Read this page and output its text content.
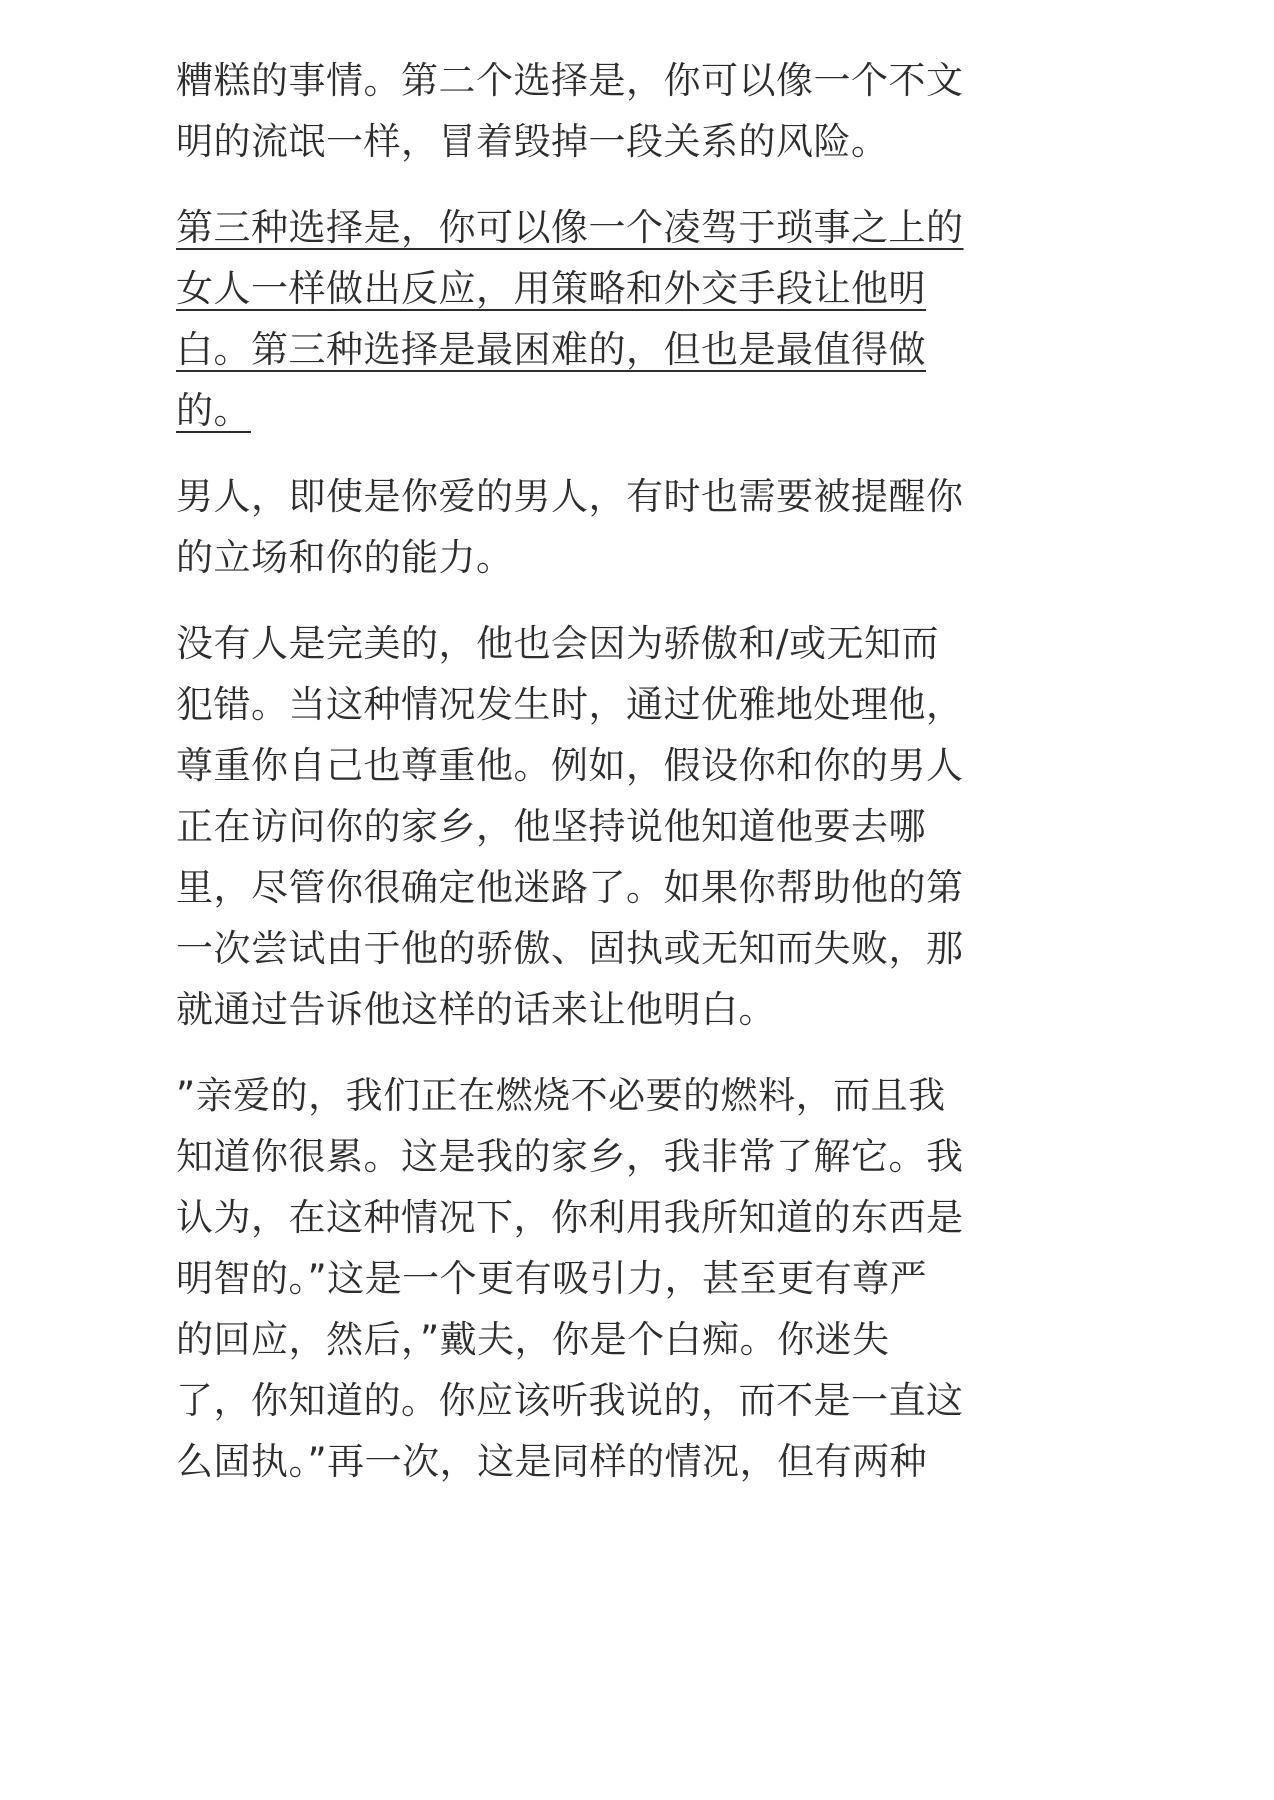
糟糕的事情。第二个选择是，你可以像一个不文
明的流氓一样，冒着毁掉一段关系的风险。
第三种选择是，你可以像一个凌驾于琐事之上的
女人一样做出反应，用策略和外交手段让他明
白。第三种选择是最困难的，但也是最值得做
的。
男人，即使是你爱的男人，有时也需要被提醒你
的立场和你的能力。
没有人是完美的，他也会因为骄傲和/或无知而
犯错。当这种情况发生时，通过优雅地处理他，
尊重你自己也尊重他。例如，假设你和你的男人
正在访问你的家乡，他坚持说他知道他要去哪
里，尽管你很确定他迷路了。如果你帮助他的第
一次尝试由于他的骄傲、固执或无知而失败，那
就通过告诉他这样的话来让他明白。
”亲爱的，我们正在燃烧不必要的燃料，而且我
知道你很累。这是我的家乡，我非常了解它。我
认为，在这种情况下，你利用我所知道的东西是
明智的。”这是一个更有吸引力，甚至更有尊严
的回应，然后，”戴夫，你是个白痴。你迷失
了，你知道的。你应该听我说的，而不是一直这
么固执。”再一次，这是同样的情况，但有两种
